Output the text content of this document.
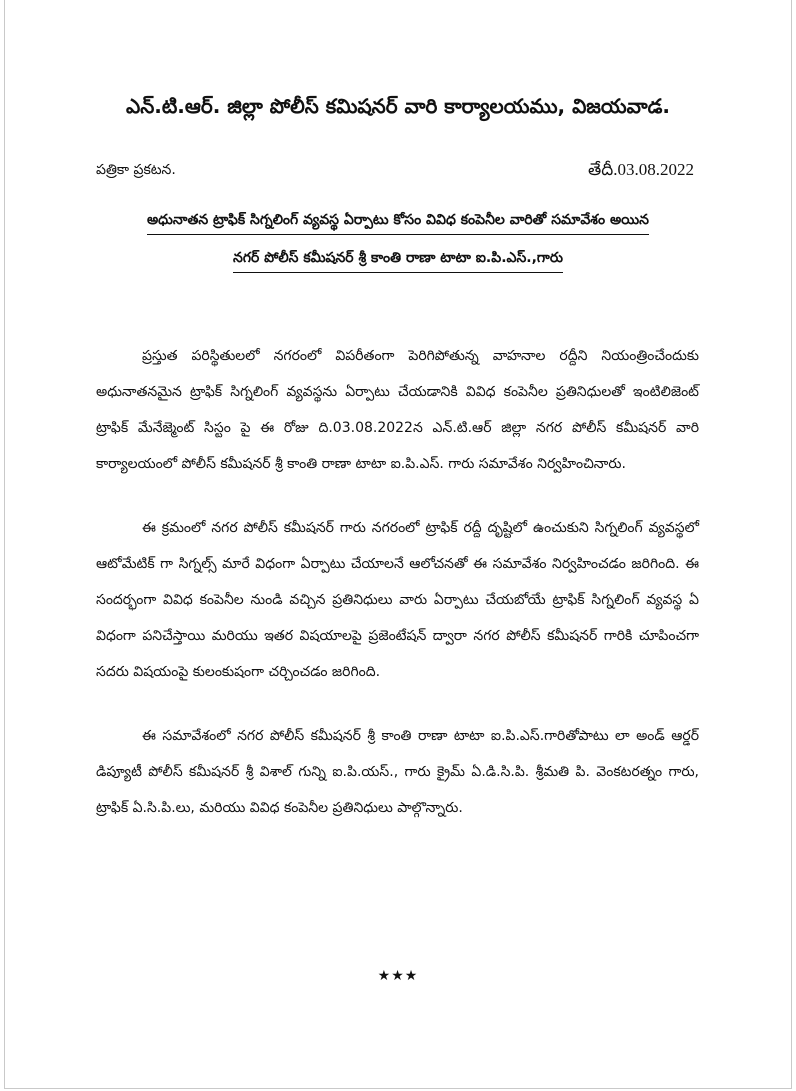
ఎన్.టి.ఆర్. జిల్లా పోలీస్ కమిషనర్ వారి కార్యాలయము, విజయవాడ.
పత్రికా ప్రకటన.	తేదీ.03.08.2022
అధునాతన ట్రాఫిక్ సిగ్నలింగ్ వ్యవస్థ ఏర్పాటు కోసం వివిధ కంపెనీల వారితో సమావేశం అయిన
నగర్ పోలీస్ కమీషనర్ శ్రీ కాంతి రాణా టాటా ఐ.పి.ఎస్.,గారు

ప్రస్తుత పరిస్థితులలో నగరంలో విపరీతంగా పెరిగిపోతున్న వాహనాల రద్దీని నియంత్రించేందుకు అధునాతనమైన ట్రాఫిక్ సిగ్నలింగ్ వ్యవస్థను ఏర్పాటు చేయడానికి వివిధ కంపెనీల ప్రతినిధులతో ఇంటిలిజెంట్ ట్రాఫిక్ మేనేజ్మెంట్ సిస్టం పై ఈ రోజు ది.03.08.2022న ఎన్.టి.ఆర్ జిల్లా నగర పోలీస్ కమీషనర్ వారి కార్యాలయంలో పోలీస్ కమీషనర్ శ్రీ కాంతి రాణా టాటా ఐ.పి.ఎస్. గారు సమావేశం నిర్వహించినారు.

ఈ క్రమంలో నగర పోలీస్ కమీషనర్ గారు నగరంలో ట్రాఫిక్ రద్దీ దృష్టిలో ఉంచుకుని సిగ్నలింగ్ వ్యవస్థలో ఆటోమేటిక్ గా సిగ్నల్స్ మారే విధంగా ఏర్పాటు చేయాలనే ఆలోచనతో ఈ సమావేశం నిర్వహించడం జరిగింది. ఈ సందర్భంగా వివిధ కంపెనీల నుండి వచ్చిన ప్రతినిధులు వారు ఏర్పాటు చేయబోయే ట్రాఫిక్ సిగ్నలింగ్ వ్యవస్థ ఏ విధంగా పనిచేస్తాయి మరియు ఇతర విషయాలపై ప్రజెంటేషన్ ద్వారా నగర పోలీస్ కమీషనర్ గారికి చూపించగా సదరు విషయంపై కులంకుషంగా చర్చించడం జరిగింది.

ఈ సమావేశంలో నగర పోలీస్ కమీషనర్ శ్రీ కాంతి రాణా టాటా ఐ.పి.ఎస్.గారితోపాటు లా అండ్ ఆర్డర్ డిప్యూటీ పోలీస్ కమీషనర్ శ్రీ విశాల్ గున్ని ఐ.పి.యస్., గారు క్రైమ్ ఏ.డి.సి.పి. శ్రీమతి పి. వెంకటరత్నం గారు, ట్రాఫిక్ ఏ.సి.పి.లు, మరియు వివిధ కంపెనీల ప్రతినిధులు పాల్గొన్నారు.

★★★
